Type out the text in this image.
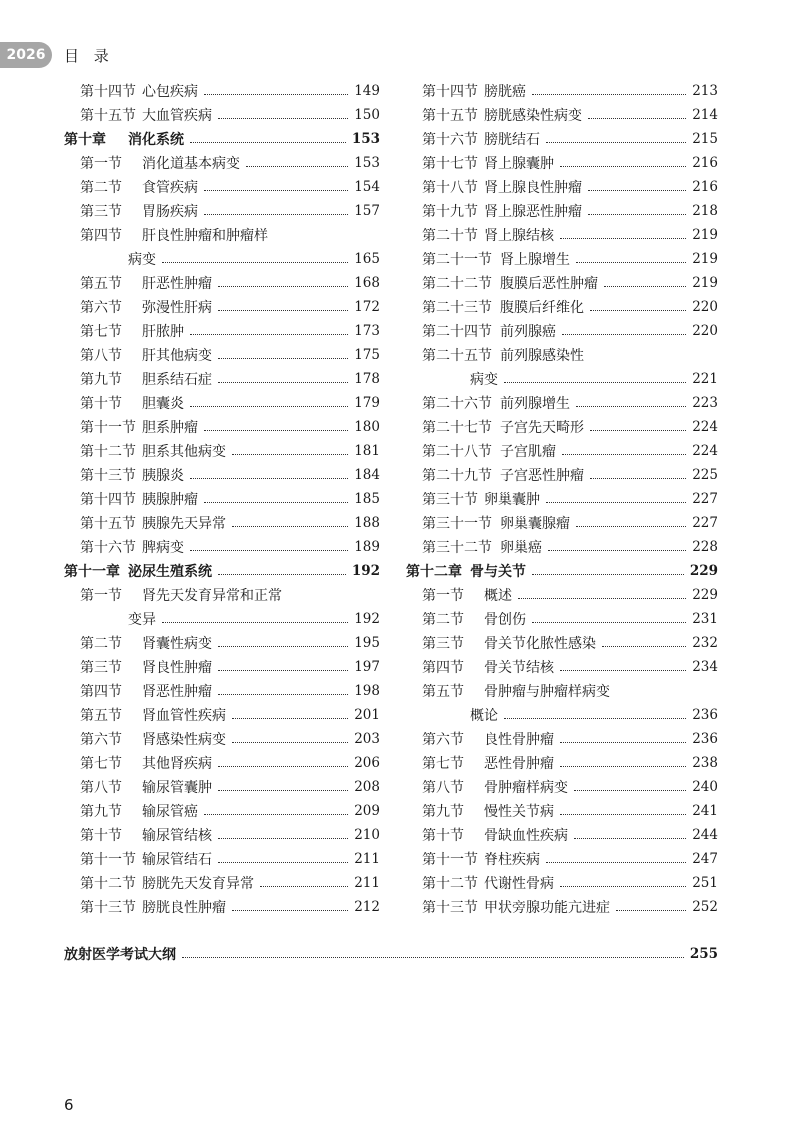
2026	目 录
第十四节 心包疾病	149
第十五节 大血管疾病	150
第十章	消化系统	153
第一节	消化道基本病变	153
第二节	食管疾病	154
第三节	胃肠疾病	157
第四节	肝良性肿瘤和肿瘤样
病变	165
第五节	肝恶性肿瘤	168
第六节	弥漫性肝病	172
第七节	肝脓肿	173
第八节	肝其他病变	175
第九节	胆系结石症	178
第十节	胆囊炎	179
第十一节 胆系肿瘤	180
第十二节 胆系其他病变	181
第十三节 胰腺炎	184
第十四节 胰腺肿瘤	185
第十五节 胰腺先天异常	188
第十六节 脾病变	189
第十一章 泌尿生殖系统	192
第一节	肾先天发育异常和正常
变异	192
第二节	肾囊性病变	195
第三节	肾良性肿瘤	197
第四节	肾恶性肿瘤	198
第五节	肾血管性疾病	201
第六节	肾感染性病变	203
第七节	其他肾疾病	206
第八节	输尿管囊肿	208
第九节	输尿管癌	209
第十节	输尿管结核	210
第十一节 输尿管结石	211
第十二节 膀胱先天发育异常	211
第十三节 膀胱良性肿瘤	212
第十四节 膀胱癌	213
第十五节 膀胱感染性病变	214
第十六节 膀胱结石	215
第十七节 肾上腺囊肿	216
第十八节 肾上腺良性肿瘤	216
第十九节 肾上腺恶性肿瘤	218
第二十节 肾上腺结核	219
第二十一节 肾上腺增生	219
第二十二节 腹膜后恶性肿瘤	219
第二十三节 腹膜后纤维化	220
第二十四节 前列腺癌	220
第二十五节 前列腺感染性
病变	221
第二十六节 前列腺增生	223
第二十七节 子宫先天畸形	224
第二十八节 子宫肌瘤	224
第二十九节 子宫恶性肿瘤	225
第三十节 卵巢囊肿	227
第三十一节 卵巢囊腺瘤	227
第三十二节 卵巢癌	228
第十二章 骨与关节	229
第一节	概述	229
第二节	骨创伤	231
第三节	骨关节化脓性感染	232
第四节	骨关节结核	234
第五节	骨肿瘤与肿瘤样病变
概论	236
第六节	良性骨肿瘤	236
第七节	恶性骨肿瘤	238
第八节	骨肿瘤样病变	240
第九节	慢性关节病	241
第十节	骨缺血性疾病	244
第十一节 脊柱疾病	247
第十二节 代谢性骨病	251
第十三节 甲状旁腺功能亢进症	252
放射医学考试大纲	255
6
